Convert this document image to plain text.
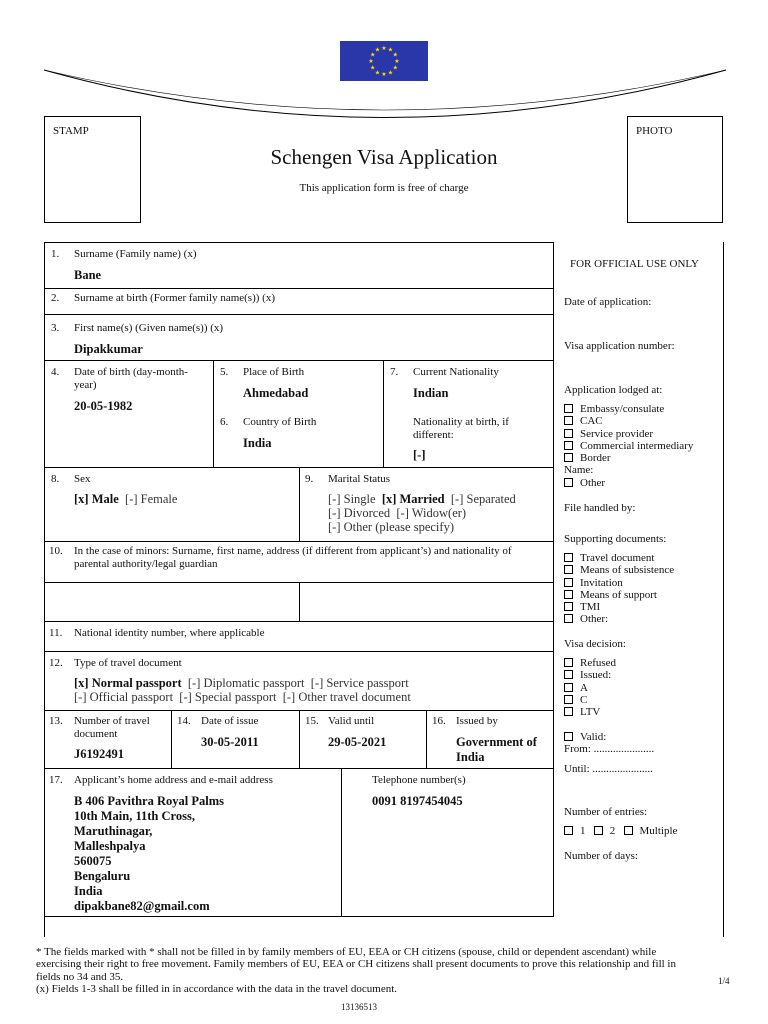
★ ★
★
★
★
★
★
★
★
★
★
★
STAMP	PHOTO
Schengen Visa Application
This application form is free of charge
1. Surname (Family name) (x)
Bane
2. Surname at birth (Former family name(s)) (x)
3. First name(s) (Given name(s)) (x)
Dipakkumar
4. Date of birth (day-month-year)
20-05-1982
5. Place of Birth
Ahmedabad
6. Country of Birth
India
7. Current Nationality
Indian
Nationality at birth, if different:
[-]
8. Sex
[x] Male [-] Female
9. Marital Status
[-] Single [x] Married [-] Separated
[-] Divorced  [-] Widow(er)
[-] Other (please specify)
10. In the case of minors: Surname, first name, address (if different from applicant’s) and nationality of parental authority/legal guardian
11. National identity number, where applicable
12. Type of travel document
[x] Normal passport [-] Diplomatic passport  [-] Service passport
[-] Official passport  [-] Special passport  [-] Other travel document
13. Number of travel document
J6192491
14. Date of issue
30-05-2011
15. Valid until
29-05-2021
16. Issued by
Government of India
17. Applicant’s home address and e-mail address
B 406 Pavithra Royal Palms
10th Main, 11th Cross,
Maruthinagar,
Malleshpalya
560075
Bengaluru
India
dipakbane82@gmail.com
Telephone number(s)
0091 8197454045
FOR OFFICIAL USE ONLY
Date of application:
Visa application number:
Application lodged at:
Embassy/consulate
CAC
Service provider
Commercial intermediary
Border
Name:
Other
File handled by:
Supporting documents:
Travel document
Means of subsistence
Invitation
Means of support
TMI
Other:
Visa decision:
Refused
Issued:
A
C
LTV
Valid:
From: ......................
Until: ......................
Number of entries:
1 2 Multiple
Number of days:
* The fields marked with * shall not be filled in by family members of EU, EEA or CH citizens (spouse, child or dependent ascendant) while exercising their right to free movement. Family members of EU, EEA or CH citizens shall present documents to prove this relationship and fill in fields no 34 and 35.
(x) Fields 1-3 shall be filled in in accordance with the data in the travel document.
1/4
13136513
